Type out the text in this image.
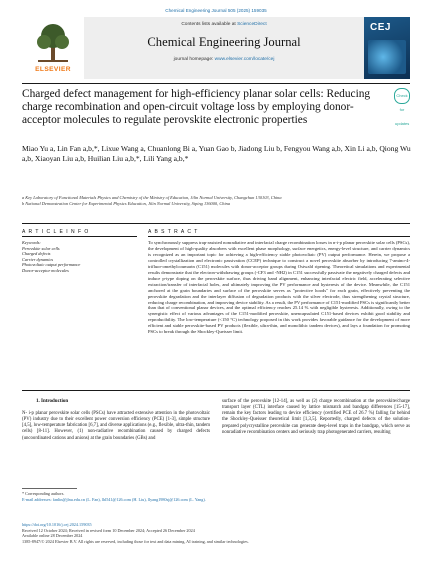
Chemical Engineering Journal 505 (2025) 159035
ELSEVIER
Contents lists available at ScienceDirect
Chemical Engineering Journal
journal homepage: www.elsevier.com/locate/cej
CEJ
Charged defect management for high-efficiency planar solar cells: Reducing charge recombination and open-circuit voltage loss by employing donor-acceptor molecules to regulate perovskite electronic properties
Check for updates
Miao Yu a, Lin Fan a,b,*, Lixue Wang a, Chuanlong Bi a, Yuan Gao b, Jiadong Liu b, Fengyou Wang a,b, Xin Li a,b, Qiong Wu a,b, Xiaoyan Liu a,b, Huilian Liu a,b,*, Lili Yang a,b,*
a Key Laboratory of Functional Materials Physics and Chemistry of the Ministry of Education, Jilin Normal University, Changchun 130103, China
b National Demonstration Center for Experimental Physics Education, Jilin Normal University, Siping 136000, China
A R T I C L E I N F O	A B S T R A C T
Keywords:
Perovskite solar cells
Charged defects
Carrier dynamics
Photovoltaic output performance
Donor-acceptor molecules
To synchronously suppress trap-assisted nonradiative and interfacial charge recombination losses in n-i-p planar perovskite solar cells (PSCs), the development of high-quality absorbers with excellent phase morphology, surface energetics, energy-level structure, and carrier dynamics is recognized as an important topic for achieving a high-efficiency stable photovoltaic (PV) output performance. Herein, we propose a controlled crystallization and electronic passivation (CCEP) technique to construct a novel perovskite absorber by introducing 7-amino-4-trifluor-omethylcoumarin (C151) molecules with donor-acceptor groups during Ostwald ripening. Theoretical simulations and experimental results demonstrate that the electron-withdrawing groups (-CF3 and -NH2) in C151 successfully passivate the negatively charged defects and induce p-type doping on the perovskite surface, thus driving band alignment, enhancing interfacial electric field, accelerating selective extraction/transfer of interfacial holes, and ultimately improving the PV performance and hysteresis of the device. Meanwhile, the C151 anchored at the grain boundaries and surface of the perovskite serves as "protective hoods" for each grain, effectively preventing the perovskite degradation and the interlayer diffusion of degradation products with the silver electrode, thus strengthening crystal structure, reducing charge recombination, and improving device stability. As a result, the PV performance of C151-modified PSCs is significantly better than that of conventional planar devices, and the optimal efficiency reaches 25.14 % with negligible hysteresis. Additionally, owing to the synergistic effect of various advantages of the C151-modified perovskite, unencapsulated C151-based devices exhibit good stability and reproducibility. The low-temperature (<150 °C) technology proposed in this work provides favorable guidance for the development of more efficient and stable perovskite-based PV products (flexible, ultra-thin, and monolithic tandem devices), and lays a foundation for promoting PSCs to break through the Shockley-Queisser limit.
1. Introduction
N- i-p planar perovskite solar cells (PSCs) have attracted extensive attention in the photovoltaic (PV) industry due to their excellent power conversion efficiency (PCE) [1-3], simple structure [4,5], low-temperature fabrication [6,7], and diverse applications (e.g., flexible, ultra-thin, tandem cells) [8-11]. However, (1) non-radiative recombination caused by charged defects (uncoordinated cations and anions) at the grain boundaries (GBs) and
surface of the perovskite [12-14], as well as (2) charge recombination at the perovskite/charge transport layer (CTL) interface caused by lattice mismatch and bandgap differences [15-17], remain the key factors leading to device efficiency (certified PCE of 26.7 %) falling far behind the Shockley-Queisser theoretical limit [1,3,5]. Reportedly, charged defects of the solution-prepared polycrystalline perovskite can generate deep-level traps in the bandgap, which serve as nonradiative recombination centers and seriously trap photogenerated carriers, resulting
* Corresponding authors.
E-mail addresses: fanlin@jlnu.edu.cn (L. Fan), lhl541@126.com (H. Liu), llyang1980sj@126.com (L. Yang).
https://doi.org/10.1016/j.cej.2024.159035
Received 12 October 2024; Received in revised form 10 December 2024; Accepted 26 December 2024
Available online 28 December 2024
1385-8947/© 2024 Elsevier B.V. All rights are reserved, including those for text and data mining, AI training, and similar technologies.
